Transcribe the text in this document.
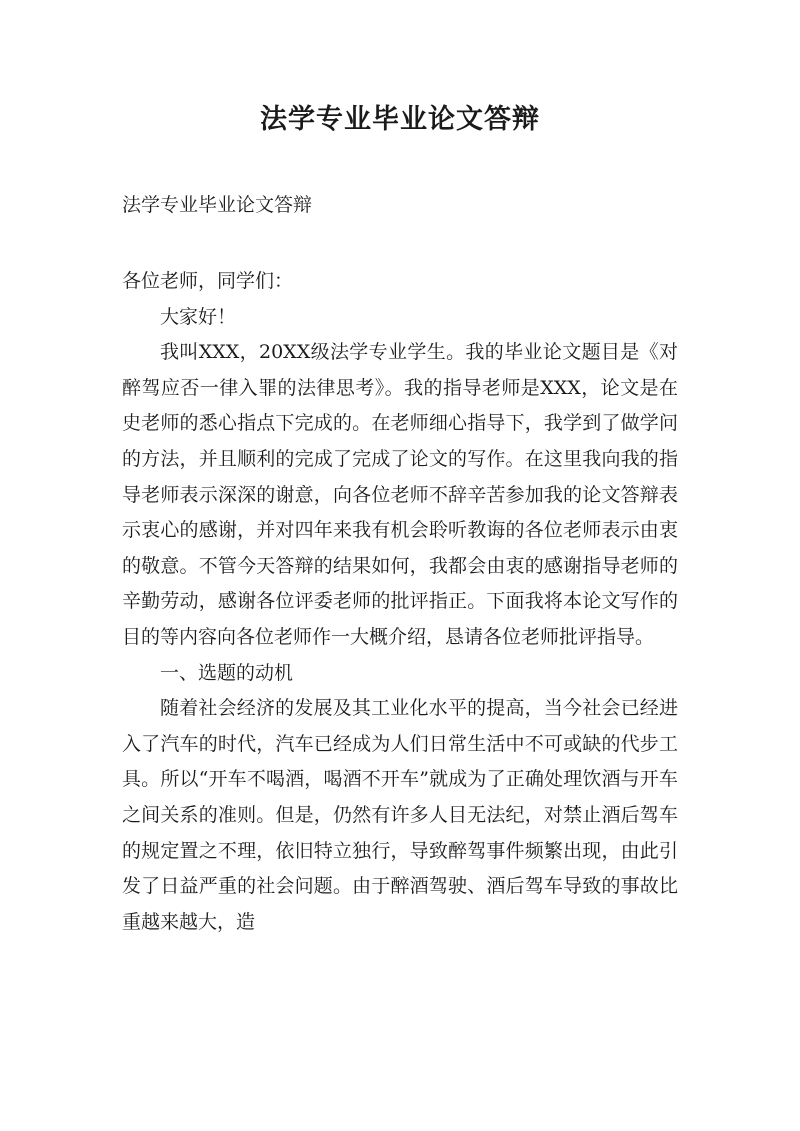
法学专业毕业论文答辩
法学专业毕业论文答辩

各位老师，同学们：

大家好！

我叫XXX，20XX级法学专业学生。我的毕业论文题目是《对醉驾应否一律入罪的法律思考》。我的指导老师是XXX，论文是在史老师的悉心指点下完成的。在老师细心指导下，我学到了做学问的方法，并且顺利的完成了完成了论文的写作。在这里我向我的指导老师表示深深的谢意，向各位老师不辞辛苦参加我的论文答辩表示衷心的感谢，并对四年来我有机会聆听教诲的各位老师表示由衷的敬意。不管今天答辩的结果如何，我都会由衷的感谢指导老师的辛勤劳动，感谢各位评委老师的批评指正。下面我将本论文写作的目的等内容向各位老师作一大概介绍，恳请各位老师批评指导。

一、选题的动机

随着社会经济的发展及其工业化水平的提高，当今社会已经进入了汽车的时代，汽车已经成为人们日常生活中不可或缺的代步工具。所以“开车不喝酒，喝酒不开车”就成为了正确处理饮酒与开车之间关系的准则。但是，仍然有许多人目无法纪，对禁止酒后驾车的规定置之不理，依旧特立独行，导致醉驾事件频繁出现，由此引发了日益严重的社会问题。由于醉酒驾驶、酒后驾车导致的事故比重越来越大，造
